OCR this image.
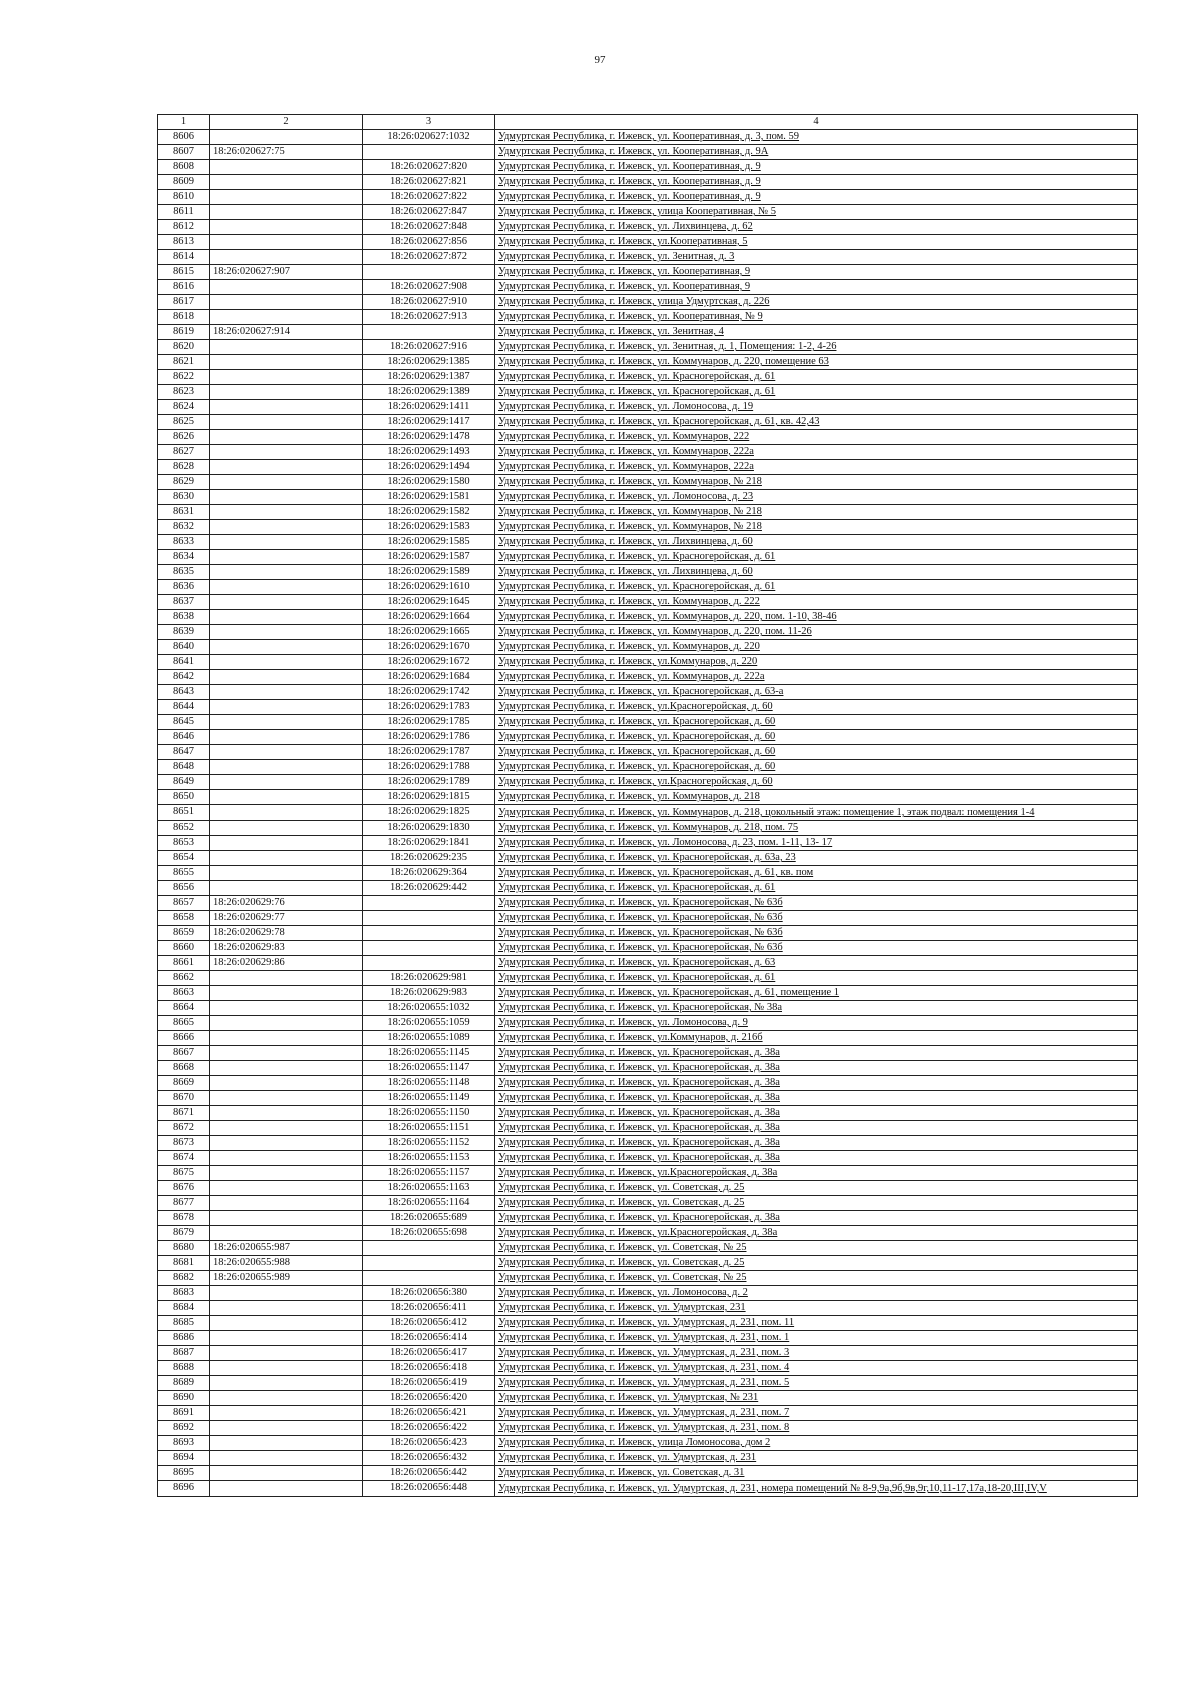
97
1	2	3	4
8606		18:26:020627:1032	Удмуртская Республика, г. Ижевск, ул. Кооперативная, д. 3, пом. 59
8607	18:26:020627:75		Удмуртская Республика, г. Ижевск, ул. Кооперативная, д. 9А
8608		18:26:020627:820	Удмуртская Республика, г. Ижевск, ул. Кооперативная, д. 9
8609		18:26:020627:821	Удмуртская Республика, г. Ижевск, ул. Кооперативная, д. 9
8610		18:26:020627:822	Удмуртская Республика, г. Ижевск, ул. Кооперативная, д. 9
8611		18:26:020627:847	Удмуртская Республика, г. Ижевск, улица Кооперативная, № 5
8612		18:26:020627:848	Удмуртская Республика, г. Ижевск, ул. Лихвинцева, д. 62
8613		18:26:020627:856	Удмуртская Республика, г. Ижевск, ул.Кооперативная, 5
8614		18:26:020627:872	Удмуртская Республика, г. Ижевск, ул. Зенитная, д. 3
8615	18:26:020627:907		Удмуртская Республика, г. Ижевск, ул. Кооперативная, 9
8616		18:26:020627:908	Удмуртская Республика, г. Ижевск, ул. Кооперативная, 9
8617		18:26:020627:910	Удмуртская Республика, г. Ижевск, улица Удмуртская, д. 226
8618		18:26:020627:913	Удмуртская Республика, г. Ижевск, ул. Кооперативная, № 9
8619	18:26:020627:914		Удмуртская Республика, г. Ижевск, ул. Зенитная, 4
8620		18:26:020627:916	Удмуртская Республика, г. Ижевск, ул. Зенитная, д. 1, Помещения: 1-2, 4-26
8621		18:26:020629:1385	Удмуртская Республика, г. Ижевск, ул. Коммунаров, д. 220, помещение 63
8622		18:26:020629:1387	Удмуртская Республика, г. Ижевск, ул. Красногеройская, д. 61
8623		18:26:020629:1389	Удмуртская Республика, г. Ижевск, ул. Красногеройская, д. 61
8624		18:26:020629:1411	Удмуртская Республика, г. Ижевск, ул. Ломоносова, д. 19
8625		18:26:020629:1417	Удмуртская Республика, г. Ижевск, ул. Красногеройская, д. 61, кв. 42,43
8626		18:26:020629:1478	Удмуртская Республика, г. Ижевск, ул. Коммунаров, 222
8627		18:26:020629:1493	Удмуртская Республика, г. Ижевск, ул. Коммунаров, 222а
8628		18:26:020629:1494	Удмуртская Республика, г. Ижевск, ул. Коммунаров, 222а
8629		18:26:020629:1580	Удмуртская Республика, г. Ижевск, ул. Коммунаров, № 218
8630		18:26:020629:1581	Удмуртская Республика, г. Ижевск, ул. Ломоносова, д. 23
8631		18:26:020629:1582	Удмуртская Республика, г. Ижевск, ул. Коммунаров, № 218
8632		18:26:020629:1583	Удмуртская Республика, г. Ижевск, ул. Коммунаров, № 218
8633		18:26:020629:1585	Удмуртская Республика, г. Ижевск, ул. Лихвинцева, д. 60
8634		18:26:020629:1587	Удмуртская Республика, г. Ижевск, ул. Красногеройская, д. 61
8635		18:26:020629:1589	Удмуртская Республика, г. Ижевск, ул. Лихвинцева, д. 60
8636		18:26:020629:1610	Удмуртская Республика, г. Ижевск, ул. Красногеройская, д. 61
8637		18:26:020629:1645	Удмуртская Республика, г. Ижевск, ул. Коммунаров, д. 222
8638		18:26:020629:1664	Удмуртская Республика, г. Ижевск, ул. Коммунаров, д. 220, пом. 1-10, 38-46
8639		18:26:020629:1665	Удмуртская Республика, г. Ижевск, ул. Коммунаров, д. 220, пом. 11-26
8640		18:26:020629:1670	Удмуртская Республика, г. Ижевск, ул. Коммунаров, д. 220
8641		18:26:020629:1672	Удмуртская Республика, г. Ижевск, ул.Коммунаров, д. 220
8642		18:26:020629:1684	Удмуртская Республика, г. Ижевск, ул. Коммунаров, д. 222а
8643		18:26:020629:1742	Удмуртская Республика, г. Ижевск, ул. Красногеройская, д. 63-а
8644		18:26:020629:1783	Удмуртская Республика, г. Ижевск, ул.Красногеройская, д. 60
8645		18:26:020629:1785	Удмуртская Республика, г. Ижевск, ул. Красногеройская, д. 60
8646		18:26:020629:1786	Удмуртская Республика, г. Ижевск, ул. Красногеройская, д. 60
8647		18:26:020629:1787	Удмуртская Республика, г. Ижевск, ул. Красногеройская, д. 60
8648		18:26:020629:1788	Удмуртская Республика, г. Ижевск, ул. Красногеройская, д. 60
8649		18:26:020629:1789	Удмуртская Республика, г. Ижевск, ул.Красногеройская, д. 60
8650		18:26:020629:1815	Удмуртская Республика, г. Ижевск, ул. Коммунаров, д. 218
8651		18:26:020629:1825	Удмуртская Республика, г. Ижевск, ул. Коммунаров, д. 218, цокольный этаж: помещение 1, этаж подвал: помещения 1-4
8652		18:26:020629:1830	Удмуртская Республика, г. Ижевск, ул. Коммунаров, д. 218, пом. 75
8653		18:26:020629:1841	Удмуртская Республика, г. Ижевск, ул. Ломоносова, д. 23, пом. 1-11, 13- 17
8654		18:26:020629:235	Удмуртская Республика, г. Ижевск, ул. Красногеройская, д. 63а, 23
8655		18:26:020629:364	Удмуртская Республика, г. Ижевск, ул. Красногеройская, д. 61, кв. пом
8656		18:26:020629:442	Удмуртская Республика, г. Ижевск, ул. Красногеройская, д. 61
8657	18:26:020629:76		Удмуртская Республика, г. Ижевск, ул. Красногеройская, № 63б
8658	18:26:020629:77		Удмуртская Республика, г. Ижевск, ул. Красногеройская, № 63б
8659	18:26:020629:78		Удмуртская Республика, г. Ижевск, ул. Красногеройская, № 63б
8660	18:26:020629:83		Удмуртская Республика, г. Ижевск, ул. Красногеройская, № 63б
8661	18:26:020629:86		Удмуртская Республика, г. Ижевск, ул. Красногеройская, д. 63
8662		18:26:020629:981	Удмуртская Республика, г. Ижевск, ул. Красногеройская, д. 61
8663		18:26:020629:983	Удмуртская Республика, г. Ижевск, ул. Красногеройская, д. 61, помещение 1
8664		18:26:020655:1032	Удмуртская Республика, г. Ижевск, ул. Красногеройская, № 38а
8665		18:26:020655:1059	Удмуртская Республика, г. Ижевск, ул. Ломоносова, д. 9
8666		18:26:020655:1089	Удмуртская Республика, г. Ижевск, ул.Коммунаров, д. 216б
8667		18:26:020655:1145	Удмуртская Республика, г. Ижевск, ул. Красногеройская, д. 38а
8668		18:26:020655:1147	Удмуртская Республика, г. Ижевск, ул. Красногеройская, д. 38а
8669		18:26:020655:1148	Удмуртская Республика, г. Ижевск, ул. Красногеройская, д. 38а
8670		18:26:020655:1149	Удмуртская Республика, г. Ижевск, ул. Красногеройская, д. 38а
8671		18:26:020655:1150	Удмуртская Республика, г. Ижевск, ул. Красногеройская, д. 38а
8672		18:26:020655:1151	Удмуртская Республика, г. Ижевск, ул. Красногеройская, д. 38а
8673		18:26:020655:1152	Удмуртская Республика, г. Ижевск, ул. Красногеройская, д. 38а
8674		18:26:020655:1153	Удмуртская Республика, г. Ижевск, ул. Красногеройская, д. 38а
8675		18:26:020655:1157	Удмуртская Республика, г. Ижевск, ул.Красногеройская, д. 38а
8676		18:26:020655:1163	Удмуртская Республика, г. Ижевск, ул. Советская, д. 25
8677		18:26:020655:1164	Удмуртская Республика, г. Ижевск, ул. Советская, д. 25
8678		18:26:020655:689	Удмуртская Республика, г. Ижевск, ул. Красногеройская, д. 38а
8679		18:26:020655:698	Удмуртская Республика, г. Ижевск, ул.Красногеройская, д. 38а
8680	18:26:020655:987		Удмуртская Республика, г. Ижевск, ул. Советская, № 25
8681	18:26:020655:988		Удмуртская Республика, г. Ижевск, ул. Советская, д. 25
8682	18:26:020655:989		Удмуртская Республика, г. Ижевск, ул. Советская, № 25
8683		18:26:020656:380	Удмуртская Республика, г. Ижевск, ул. Ломоносова, д. 2
8684		18:26:020656:411	Удмуртская Республика, г. Ижевск, ул. Удмуртская, 231
8685		18:26:020656:412	Удмуртская Республика, г. Ижевск, ул. Удмуртская, д. 231, пом. 11
8686		18:26:020656:414	Удмуртская Республика, г. Ижевск, ул. Удмуртская, д. 231, пом. 1
8687		18:26:020656:417	Удмуртская Республика, г. Ижевск, ул. Удмуртская, д. 231, пом. 3
8688		18:26:020656:418	Удмуртская Республика, г. Ижевск, ул. Удмуртская, д. 231, пом. 4
8689		18:26:020656:419	Удмуртская Республика, г. Ижевск, ул. Удмуртская, д. 231, пом. 5
8690		18:26:020656:420	Удмуртская Республика, г. Ижевск, ул. Удмуртская, № 231
8691		18:26:020656:421	Удмуртская Республика, г. Ижевск, ул. Удмуртская, д. 231, пом. 7
8692		18:26:020656:422	Удмуртская Республика, г. Ижевск, ул. Удмуртская, д. 231, пом. 8
8693		18:26:020656:423	Удмуртская Республика, г. Ижевск, улица Ломоносова, дом 2
8694		18:26:020656:432	Удмуртская Республика, г. Ижевск, ул. Удмуртская, д. 231
8695		18:26:020656:442	Удмуртская Республика, г. Ижевск, ул. Советская, д. 31
8696		18:26:020656:448	Удмуртская Республика, г. Ижевск, ул. Удмуртская, д. 231, номера помещений № 8-9,9а,9б,9в,9г,10,11-17,17а,18-20,III,IV,V
